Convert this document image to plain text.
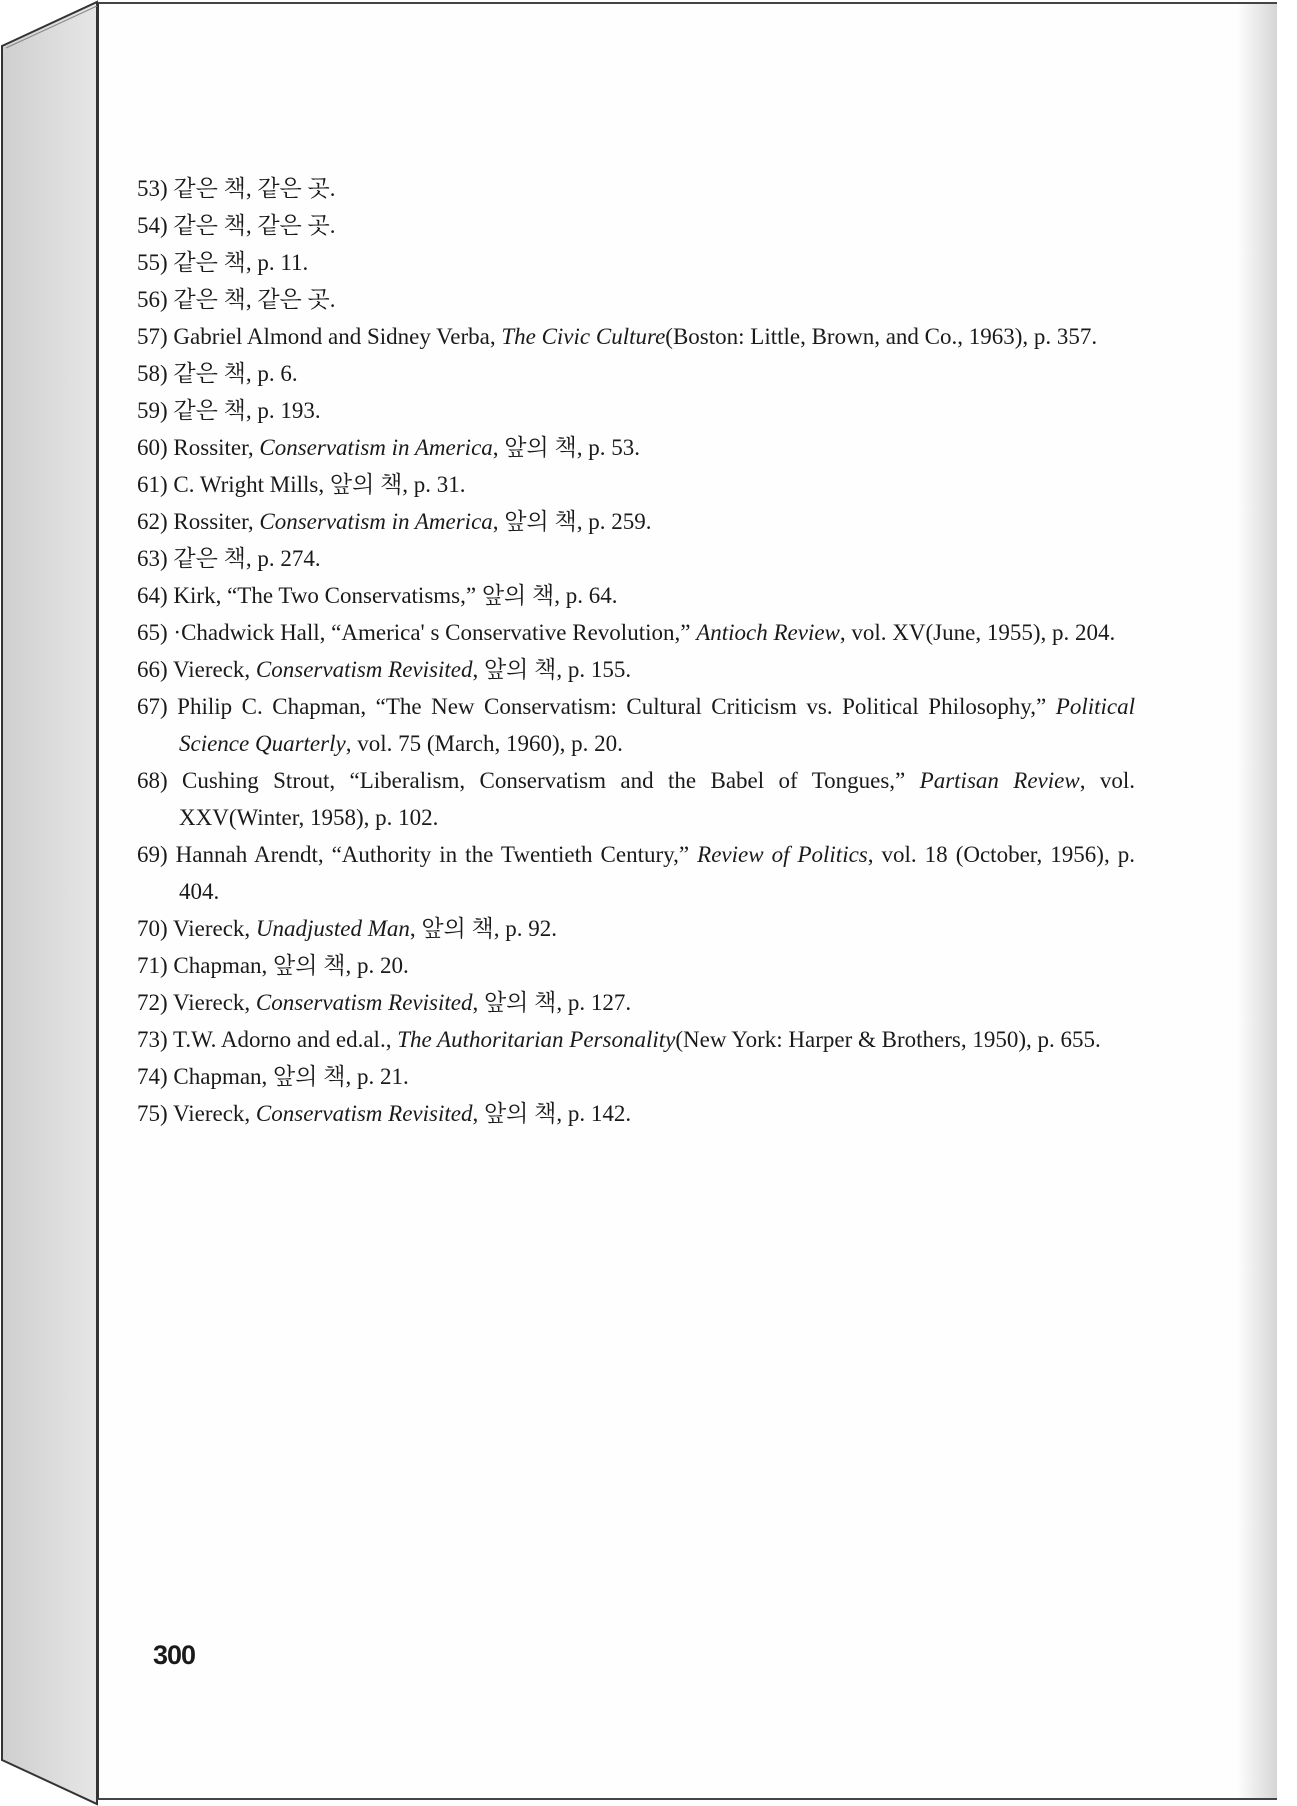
53) 같은 책, 같은 곳.
54) 같은 책, 같은 곳.
55) 같은 책, p. 11.
56) 같은 책, 같은 곳.
57) Gabriel Almond and Sidney Verba, The Civic Culture(Boston: Little, Brown, and Co., 1963), p. 357.
58) 같은 책, p. 6.
59) 같은 책, p. 193.
60) Rossiter, Conservatism in America, 앞의 책, p. 53.
61) C. Wright Mills, 앞의 책, p. 31.
62) Rossiter, Conservatism in America, 앞의 책, p. 259.
63) 같은 책, p. 274.
64) Kirk, “The Two Conservatisms,” 앞의 책, p. 64.
65) ·Chadwick Hall, “America' s Conservative Revolution,” Antioch Review, vol. XV(June, 1955), p. 204.
66) Viereck, Conservatism Revisited, 앞의 책, p. 155.
67) Philip C. Chapman, “The New Conservatism: Cultural Criticism vs. Political Philosophy,” Political Science Quarterly, vol. 75 (March, 1960), p. 20.
68) Cushing Strout, “Liberalism, Conservatism and the Babel of Tongues,” Partisan Review, vol. XXV(Winter, 1958), p. 102.
69) Hannah Arendt, “Authority in the Twentieth Century,” Review of Politics, vol. 18 (October, 1956), p. 404.
70) Viereck, Unadjusted Man, 앞의 책, p. 92.
71) Chapman, 앞의 책, p. 20.
72) Viereck, Conservatism Revisited, 앞의 책, p. 127.
73) T.W. Adorno and ed.al., The Authoritarian Personality(New York: Harper & Brothers, 1950), p. 655.
74) Chapman, 앞의 책, p. 21.
75) Viereck, Conservatism Revisited, 앞의 책, p. 142.
300
